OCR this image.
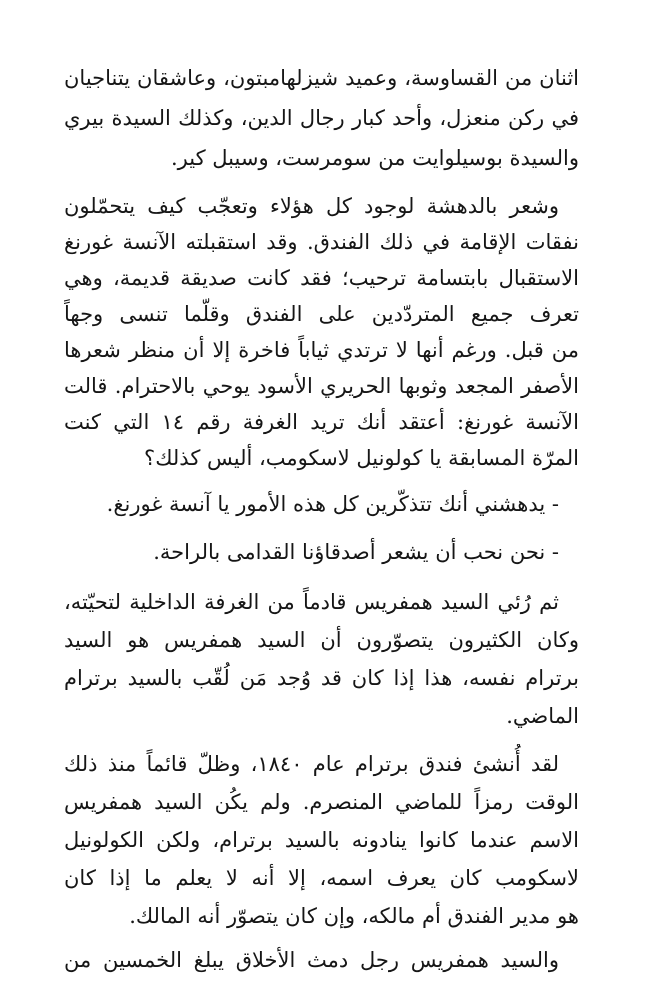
اثنان من القساوسة، وعميد شيزلهامبتون، وعاشقان يتناجيان
في ركن منعزل، وأحد كبار رجال الدين، وكذلك السيدة بيري
والسيدة بوسيلوايت من سومرست، وسيبل كير.
وشعر بالدهشة لوجود كل هؤلاء وتعجّب كيف يتحمّلون
نفقات الإقامة في ذلك الفندق. وقد استقبلته الآنسة غورنغ
الاستقبال بابتسامة ترحيب؛ فقد كانت صديقة قديمة، وهي
تعرف جميع المتردّدين على الفندق وقلّما تنسى وجهاً
من قبل. ورغم أنها لا ترتدي ثياباً فاخرة إلا أن منظر شعرها
الأصفر المجعد وثوبها الحريري الأسود يوحي بالاحترام. قالت
الآنسة غورنغ: أعتقد أنك تريد الغرفة رقم ١٤ التي كنت
المرّة المسابقة يا كولونيل لاسكومب، أليس كذلك؟
- يدهشني أنك تتذكّرين كل هذه الأمور يا آنسة غورنغ.
- نحن نحب أن يشعر أصدقاؤنا القدامى بالراحة.
ثم رُئي السيد همفريس قادماً من الغرفة الداخلية لتحيّته،
وكان الكثيرون يتصوّرون أن السيد همفريس هو السيد
برترام نفسه، هذا إذا كان قد وُجد مَن لُقّب بالسيد برترام
الماضي.
لقد أُنشئ فندق برترام عام ١٨٤٠، وظلّ قائماً منذ ذلك
الوقت رمزاً للماضي المنصرم. ولم يكُن السيد همفريس
الاسم عندما كانوا ينادونه بالسيد برترام، ولكن الكولونيل
لاسكومب كان يعرف اسمه، إلا أنه لا يعلم ما إذا كان
هو مدير الفندق أم مالكه، وإن كان يتصوّر أنه المالك.
والسيد همفريس رجل دمث الأخلاق يبلغ الخمسين من
